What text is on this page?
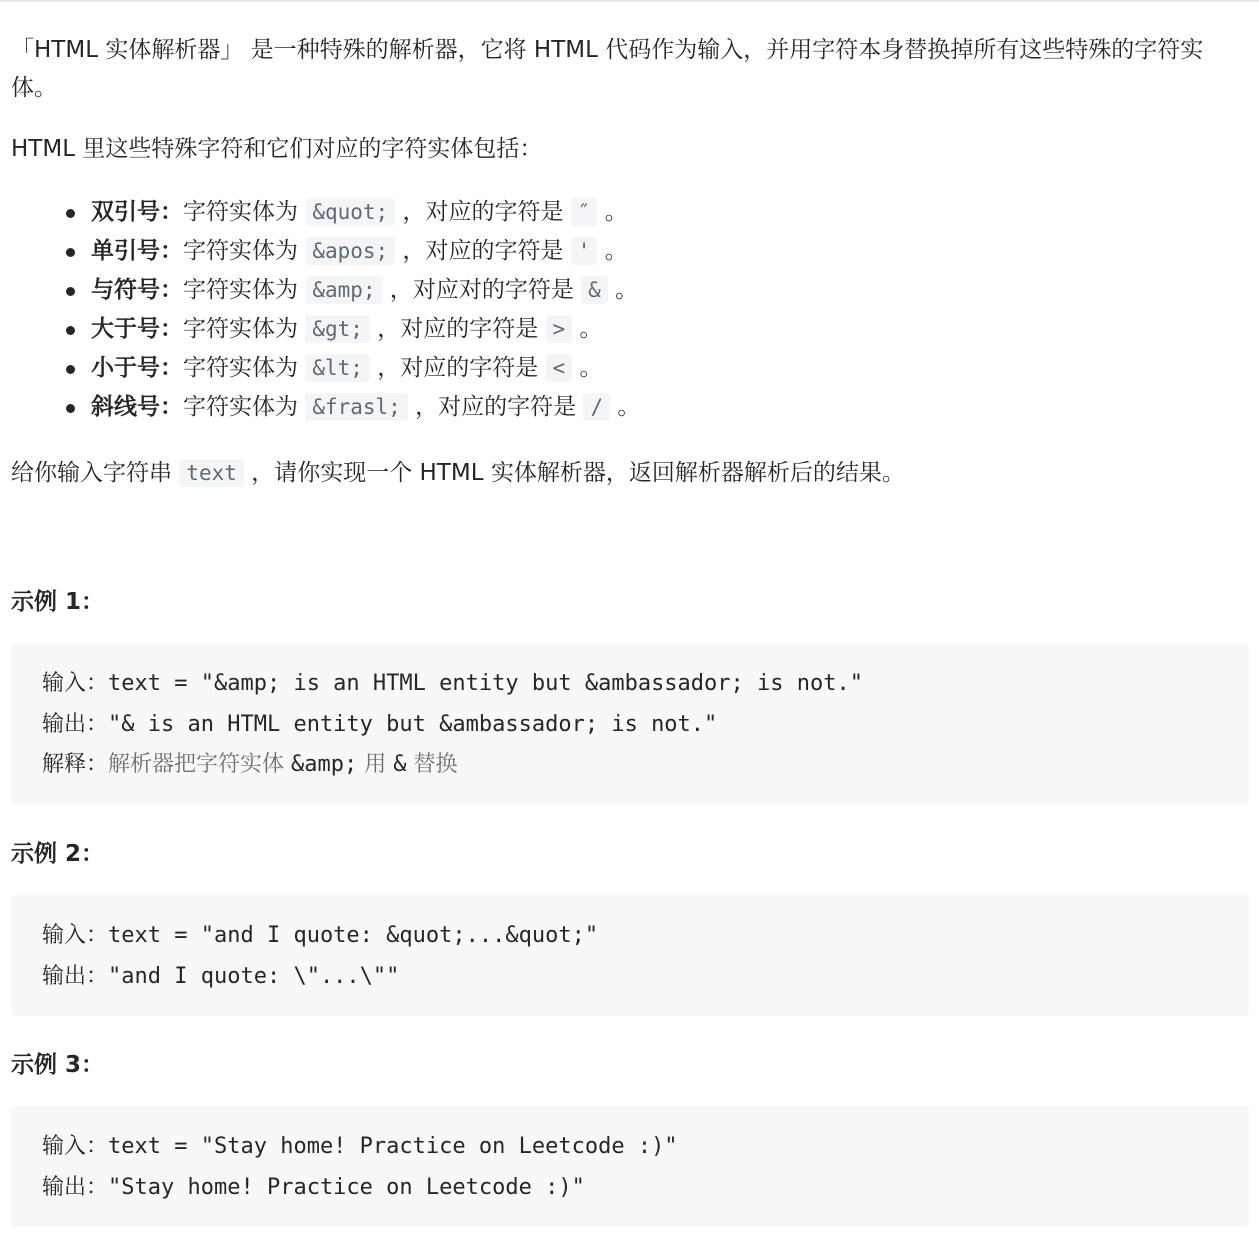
「HTML 实体解析器」 是一种特殊的解析器，它将 HTML 代码作为输入，并用字符本身替换掉所有这些特殊的字符实体。

HTML 里这些特殊字符和它们对应的字符实体包括：

双引号：字符实体为 &quot; ，对应的字符是 ″ 。
单引号：字符实体为 &apos; ，对应的字符是 ' 。
与符号：字符实体为 &amp; ，对应对的字符是 & 。
大于号：字符实体为 &gt; ，对应的字符是 > 。
小于号：字符实体为 &lt; ，对应的字符是 < 。
斜线号：字符实体为 &frasl; ，对应的字符是 / 。

给你输入字符串 text ，请你实现一个 HTML 实体解析器，返回解析器解析后的结果。

示例 1：
输入：text = "&amp; is an HTML entity but &ambassador; is not."
输出："& is an HTML entity but &ambassador; is not."
解释：解析器把字符实体 &amp; 用 & 替换
示例 2：
输入：text = "and I quote: &quot;...&quot;"
输出："and I quote: \"...\""
示例 3：
输入：text = "Stay home! Practice on Leetcode :)"
输出："Stay home! Practice on Leetcode :)"
